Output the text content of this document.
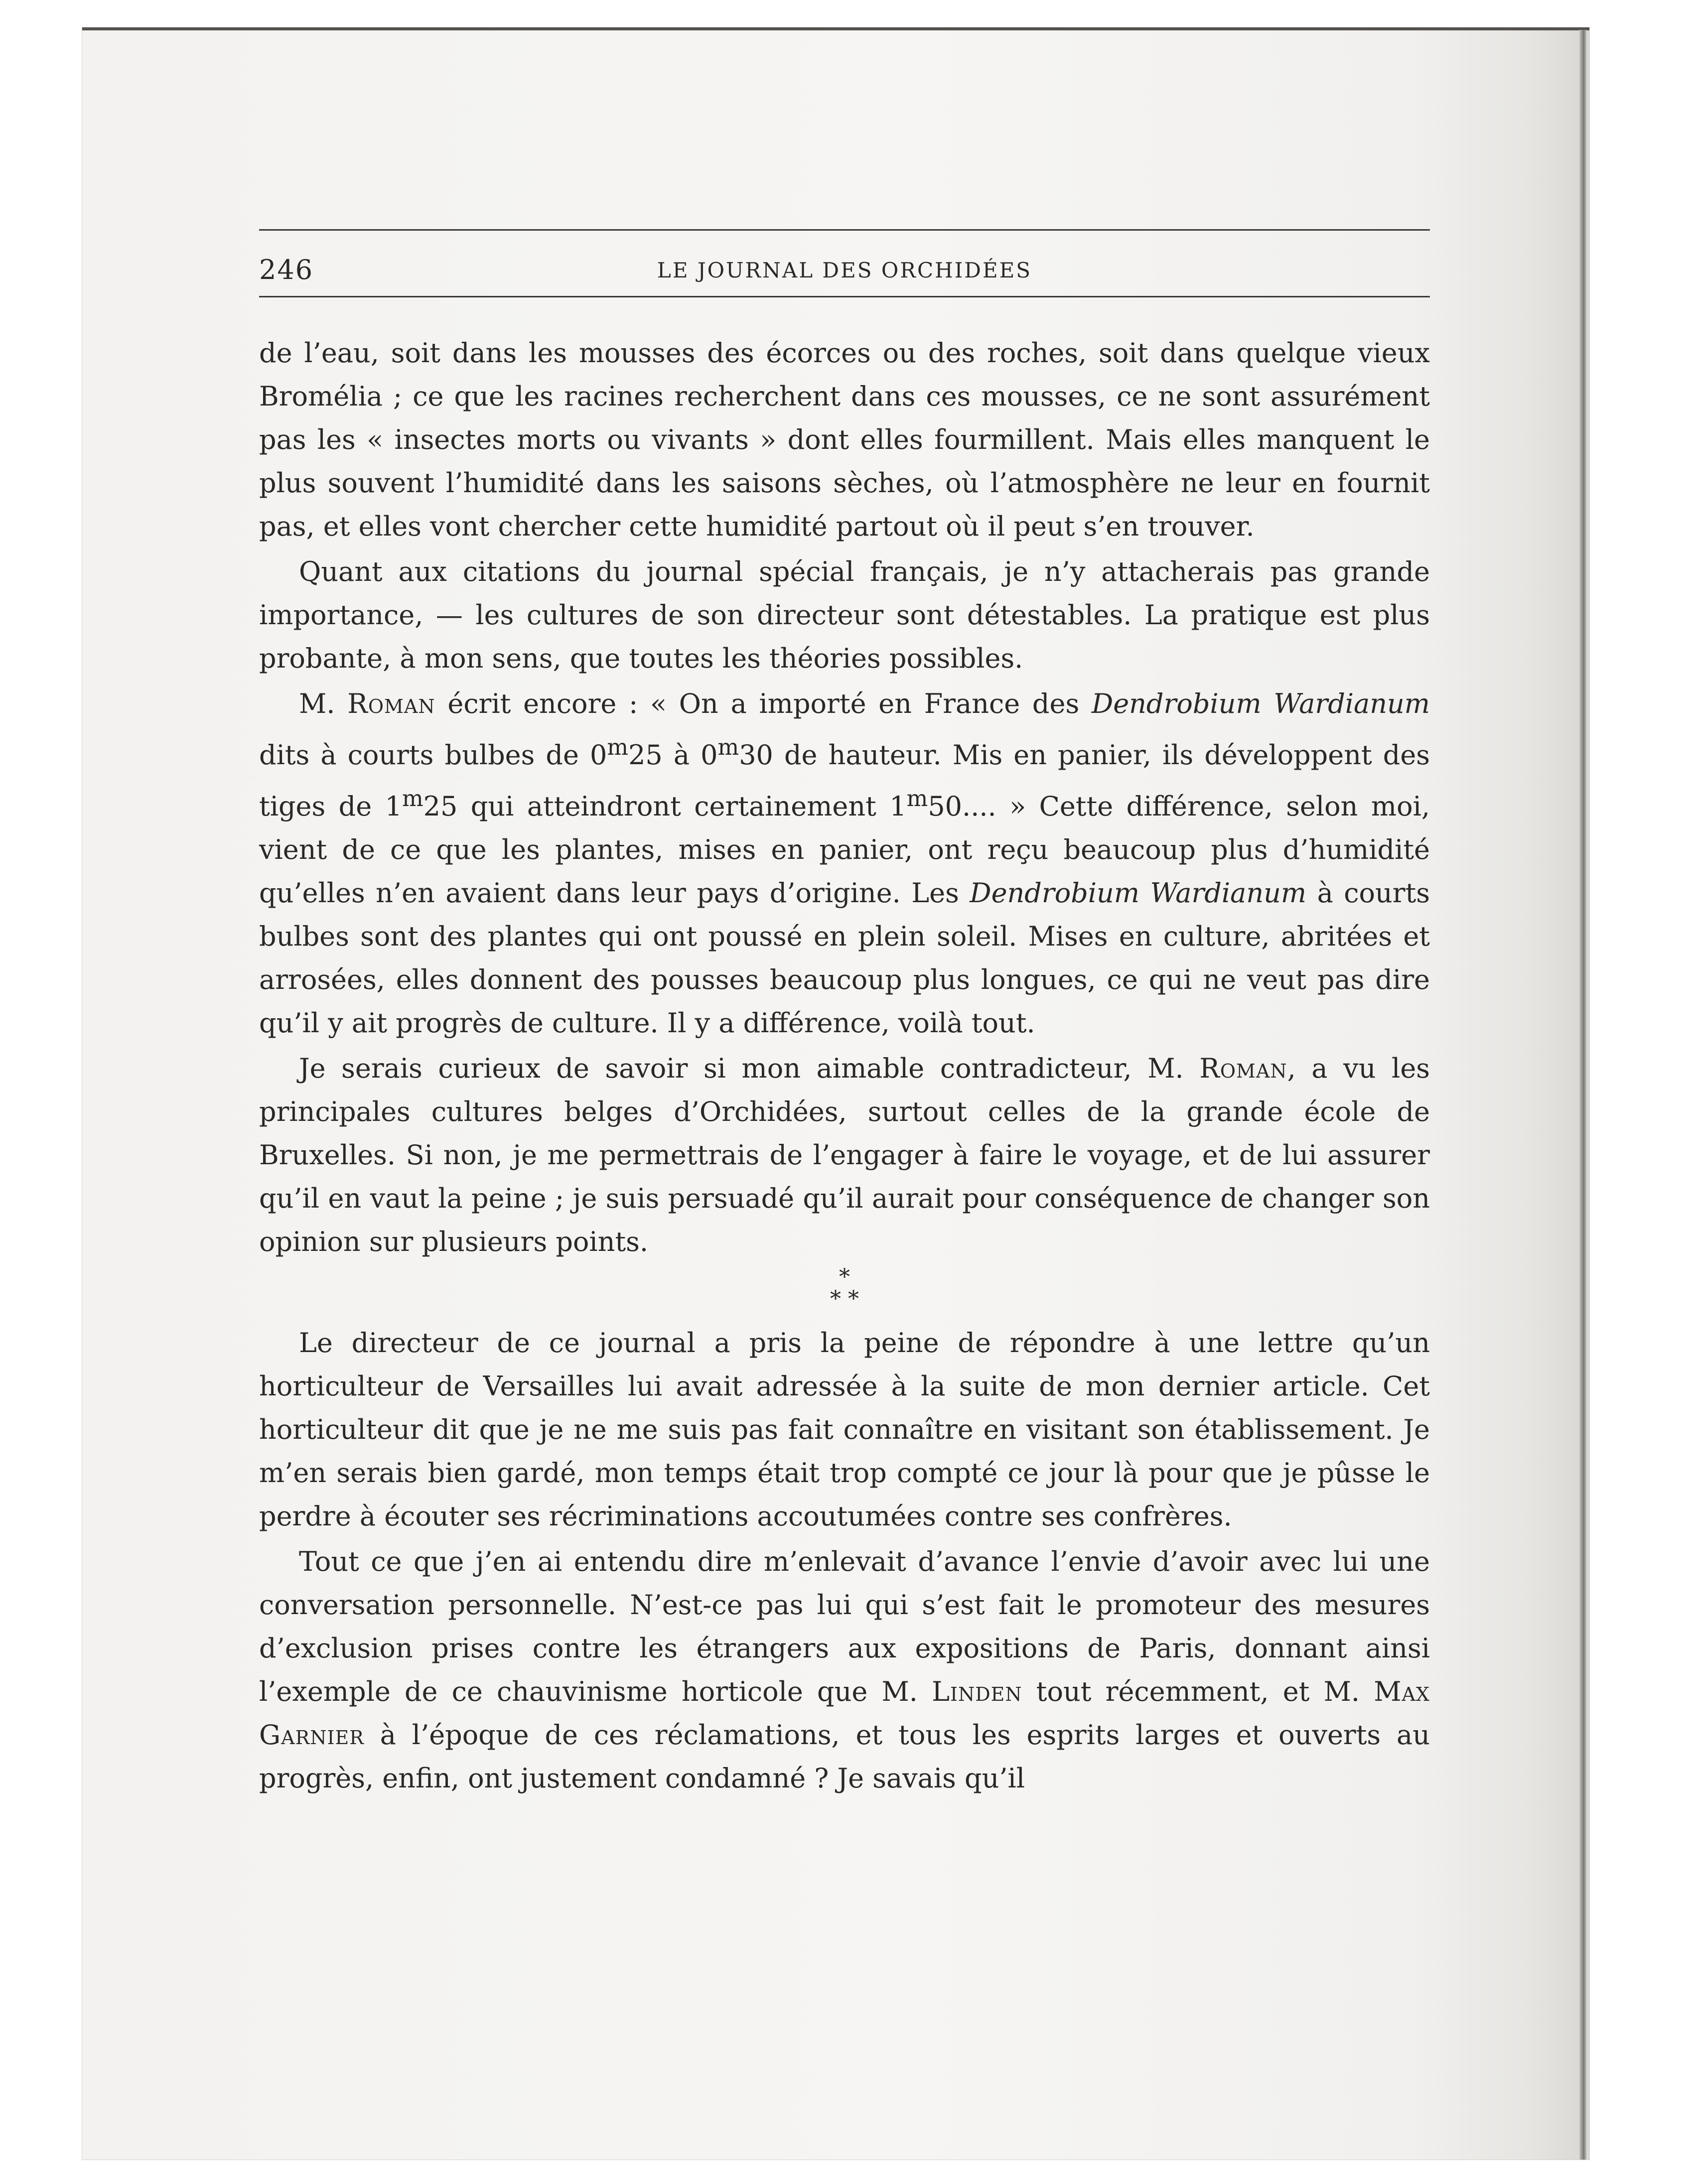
LE JOURNAL DES ORCHIDÉES
246

de l’eau, soit dans les mousses des écorces ou des roches, soit dans quelque vieux Bromélia ; ce que les racines recherchent dans ces mousses, ce ne sont assurément pas les « insectes morts ou vivants » dont elles fourmillent. Mais elles manquent le plus souvent l’humidité dans les saisons sèches, où l’atmosphère ne leur en fournit pas, et elles vont chercher cette humidité partout où il peut s’en trouver.

Quant aux citations du journal spécial français, je n’y attacherais pas grande importance, — les cultures de son directeur sont détestables. La pratique est plus probante, à mon sens, que toutes les théories possibles.

M. Roman écrit encore : « On a importé en France des Dendrobium Wardianum dits à courts bulbes de 0$^m$25 à 0$^m$30 de hauteur. Mis en panier, ils développent des tiges de 1$^m$25 qui atteindront certainement 1$^m$50.... » Cette différence, selon moi, vient de ce que les plantes, mises en panier, ont reçu beaucoup plus d’humidité qu’elles n’en avaient dans leur pays d’origine. Les Dendrobium Wardianum à courts bulbes sont des plantes qui ont poussé en plein soleil. Mises en culture, abritées et arrosées, elles donnent des pousses beaucoup plus longues, ce qui ne veut pas dire qu’il y ait progrès de culture. Il y a différence, voilà tout.

Je serais curieux de savoir si mon aimable contradicteur, M. Roman, a vu les principales cultures belges d’Orchidées, surtout celles de la grande école de Bruxelles. Si non, je me permettrais de l’engager à faire le voyage, et de lui assurer qu’il en vaut la peine ; je suis persuadé qu’il aurait pour conséquence de changer son opinion sur plusieurs points.

*
* *

Le directeur de ce journal a pris la peine de répondre à une lettre qu’un horticulteur de Versailles lui avait adressée à la suite de mon dernier article. Cet horticulteur dit que je ne me suis pas fait connaître en visitant son établissement. Je m’en serais bien gardé, mon temps était trop compté ce jour là pour que je pûsse le perdre à écouter ses récriminations accoutumées contre ses confrères.

Tout ce que j’en ai entendu dire m’enlevait d’avance l’envie d’avoir avec lui une conversation personnelle. N’est-ce pas lui qui s’est fait le promoteur des mesures d’exclusion prises contre les étrangers aux expositions de Paris, donnant ainsi l’exemple de ce chauvinisme horticole que M. Linden tout récemment, et M. Max Garnier à l’époque de ces réclamations, et tous les esprits larges et ouverts au progrès, enfin, ont justement condamné ? Je savais qu’il
